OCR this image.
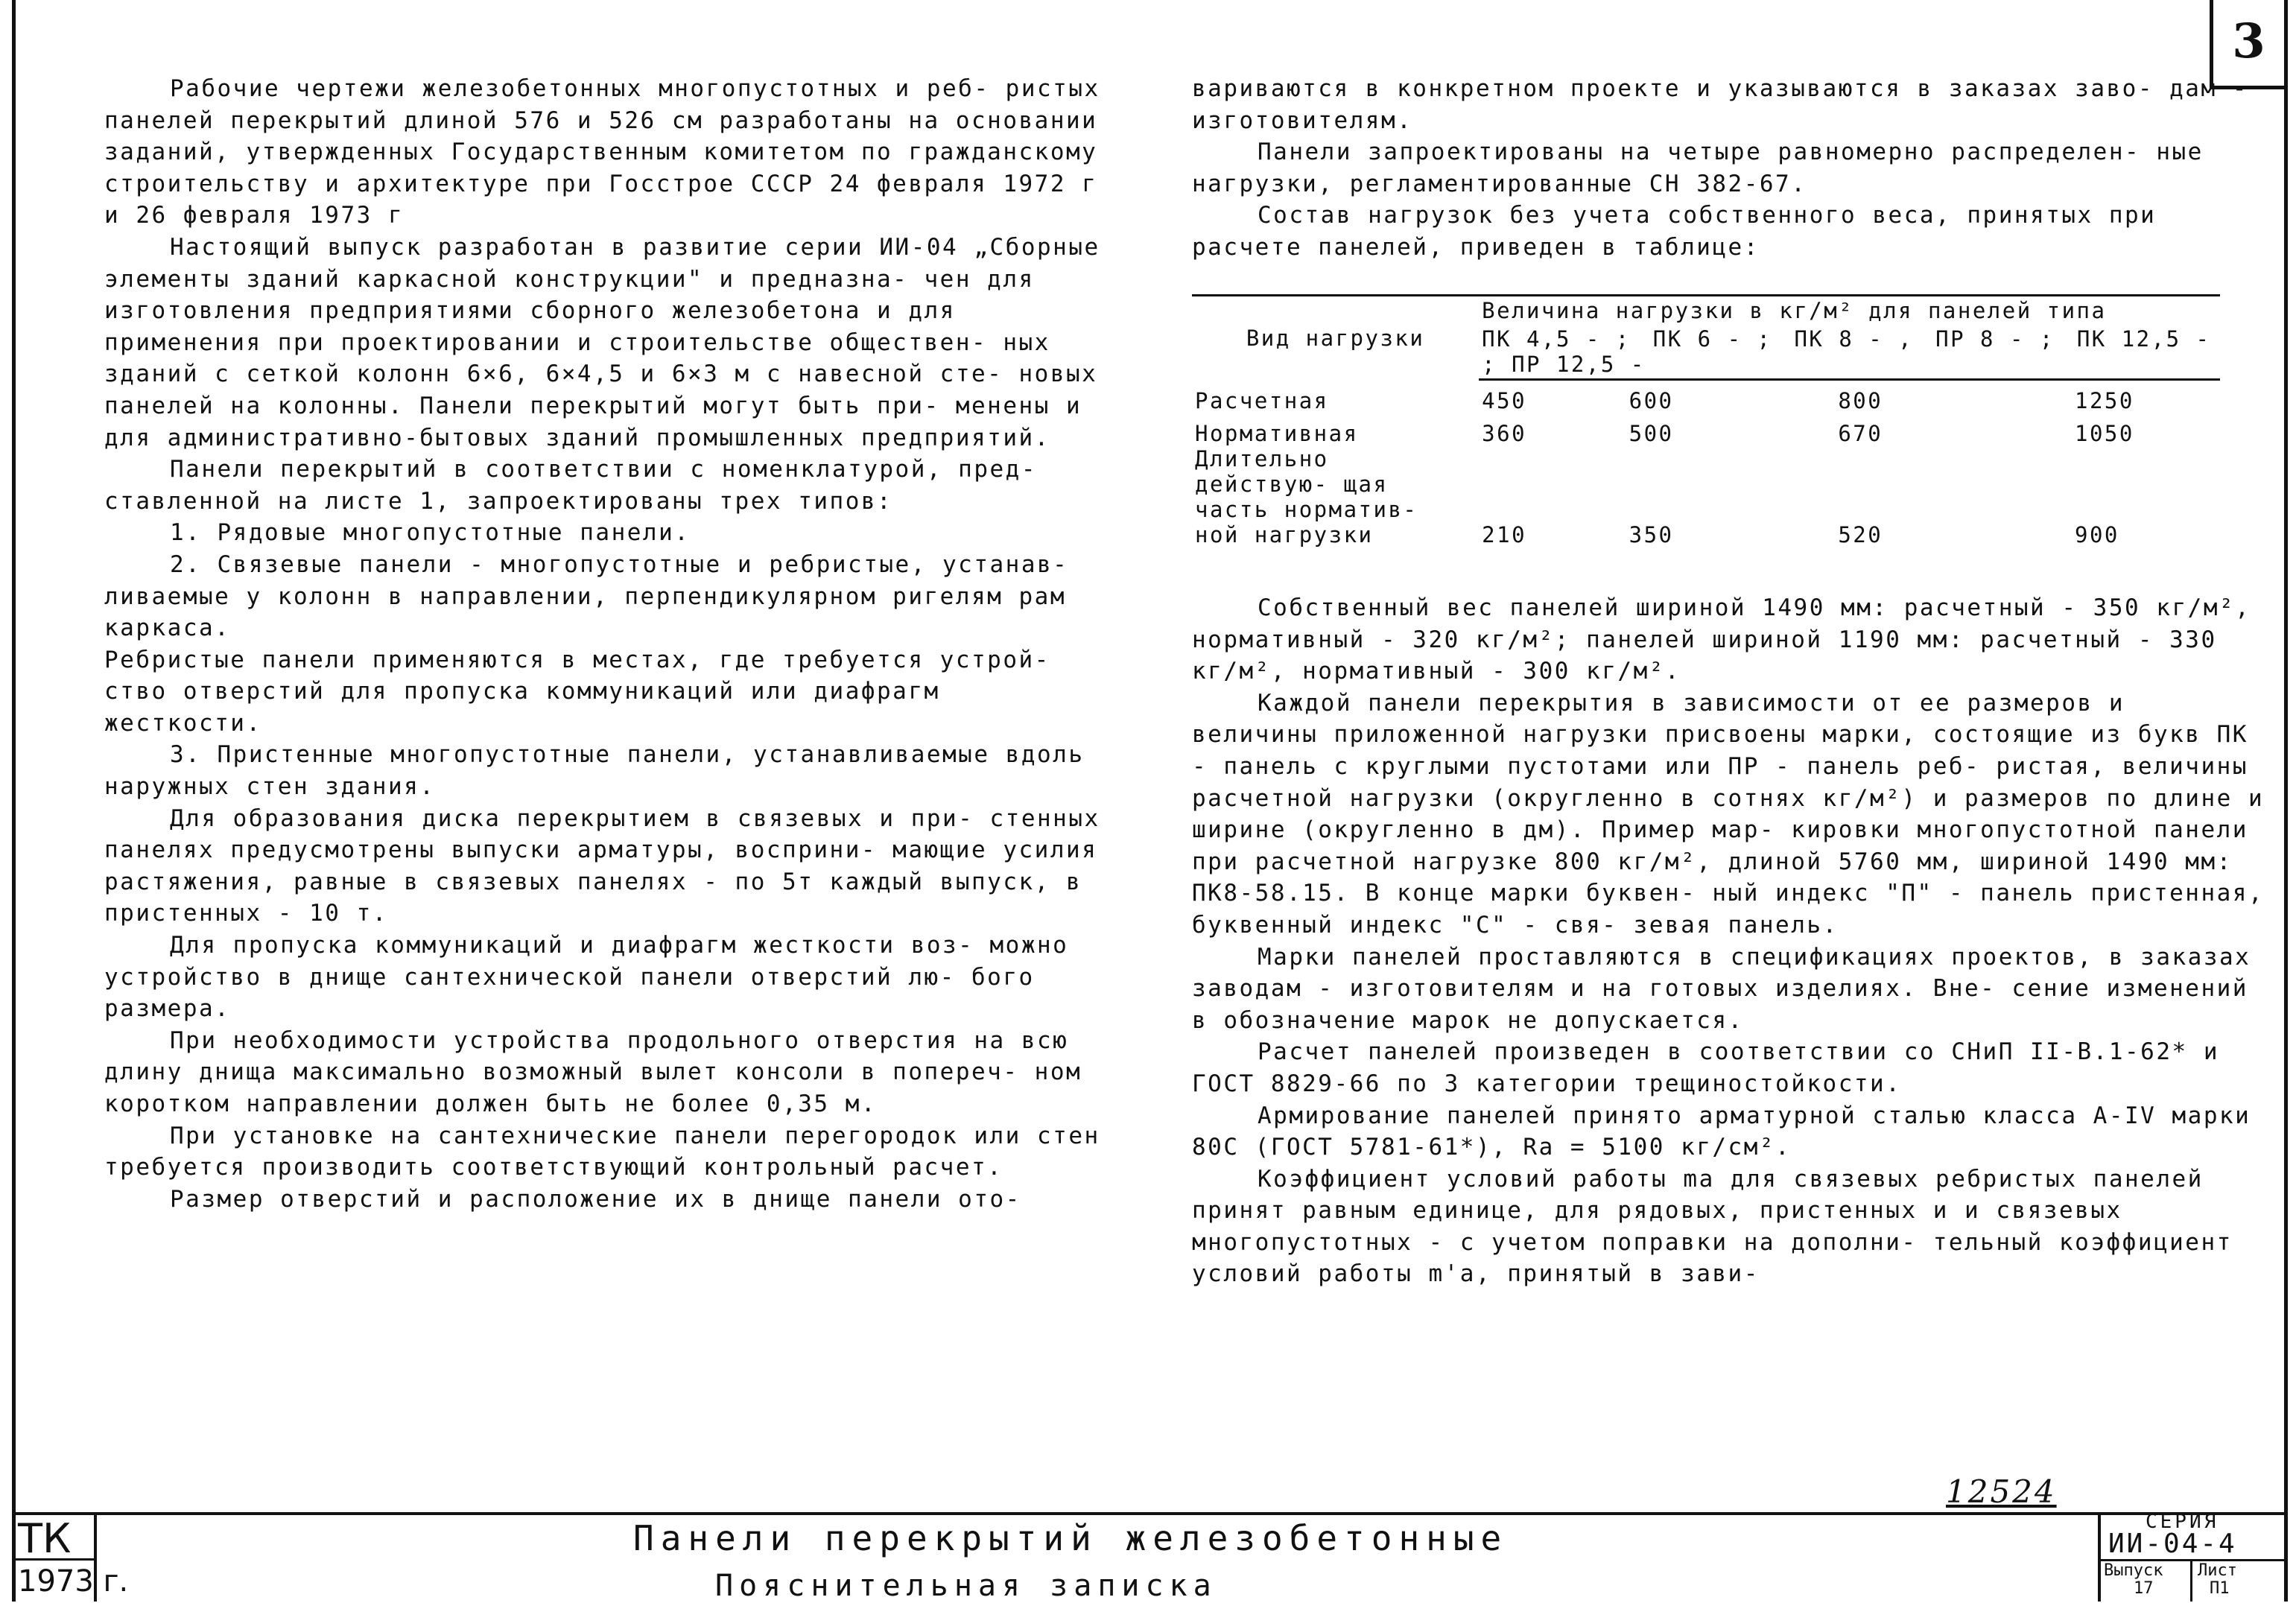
3

Рабочие чертежи железобетонных многопустотных и реб- ристых панелей перекрытий длиной 576 и 526 см разработаны на основании заданий, утвержденных Государственным комитетом по гражданскому строительству и архитектуре при Госстрое СССР 24 февраля 1972 г и 26 февраля 1973 г

Настоящий выпуск разработан в развитие серии ИИ-04 „Сборные элементы зданий каркасной конструкции" и предназна- чен для изготовления предприятиями сборного железобетона и для применения при проектировании и строительстве обществен- ных зданий с сеткой колонн 6×6, 6×4,5 и 6×3 м с навесной сте- новых панелей на колонны. Панели перекрытий могут быть при- менены и для административно-бытовых зданий промышленных предприятий.

Панели перекрытий в соответствии с номенклатурой, пред- ставленной на листе 1, запроектированы трех типов:

1. Рядовые многопустотные панели.

2. Связевые панели - многопустотные и ребристые, устанав- ливаемые у колонн в направлении, перпендикулярном ригелям рам каркаса.

Ребристые панели применяются в местах, где требуется устрой- ство отверстий для пропуска коммуникаций или диафрагм жесткости.

3. Пристенные многопустотные панели, устанавливаемые вдоль наружных стен здания.

Для образования диска перекрытием в связевых и при- стенных панелях предусмотрены выпуски арматуры, восприни- мающие усилия растяжения, равные в связевых панелях - по 5т каждый выпуск, в пристенных - 10 т.

Для пропуска коммуникаций и диафрагм жесткости воз- можно устройство в днище сантехнической панели отверстий лю- бого размера.

При необходимости устройства продольного отверстия на всю длину днища максимально возможный вылет консоли в попереч- ном коротком направлении должен быть не более 0,35 м.

При установке на сантехнические панели перегородок или стен требуется производить соответствующий контрольный расчет.

Размер отверстий и расположение их в днище панели ото-

вариваются в конкретном проекте и указываются в заказах заво- дам - изготовителям.

Панели запроектированы на четыре равномерно распределен- ные нагрузки, регламентированные СН 382-67.

Состав нагрузок без учета собственного веса, принятых при расчете панелей, приведен в таблице:

Вид нагрузки	Величина нагрузки в кг/м² для панелей типа			
	ПК 4,5 - ; ПК 6 - ; ПК 8 - , ПР 8 - ; ПК 12,5 - ; ПР 12,5 -			
Расчетная	450	600	800	1250
Нормативная	360	500	670	1050
Длительно действую- щая часть норматив- ной нагрузки	210	350	520	900

Собственный вес панелей шириной 1490 мм: расчетный - 350 кг/м², нормативный - 320 кг/м²; панелей шириной 1190 мм: расчетный - 330 кг/м², нормативный - 300 кг/м².

Каждой панели перекрытия в зависимости от ее размеров и величины приложенной нагрузки присвоены марки, состоящие из букв ПК - панель с круглыми пустотами или ПР - панель реб- ристая, величины расчетной нагрузки (округленно в сотнях кг/м²) и размеров по длине и ширине (округленно в дм). Пример мар- кировки многопустотной панели при расчетной нагрузке 800 кг/м², длиной 5760 мм, шириной 1490 мм: ПК8-58.15. В конце марки буквен- ный индекс "П" - панель пристенная, буквенный индекс "С" - свя- зевая панель.

Марки панелей проставляются в спецификациях проектов, в заказах заводам - изготовителям и на готовых изделиях. Вне- сение изменений в обозначение марок не допускается.

Расчет панелей произведен в соответствии со СНиП II-В.1-62* и ГОСТ 8829-66 по 3 категории трещиностойкости.

Армирование панелей принято арматурной сталью класса А-IV марки 80С (ГОСТ 5781-61*), Rа = 5100 кг/см².

Коэффициент условий работы mа для связевых ребристых панелей принят равным единице, для рядовых, пристенных и и связевых многопустотных - с учетом поправки на дополни- тельный коэффициент условий работы m'а, принятый в зави-

12524
ТК
1973 г.
Панели перекрытий железобетонные
Пояснительная записка
СЕРИЯ
ИИ-04-4
Выпуск
17
Лист
П1
